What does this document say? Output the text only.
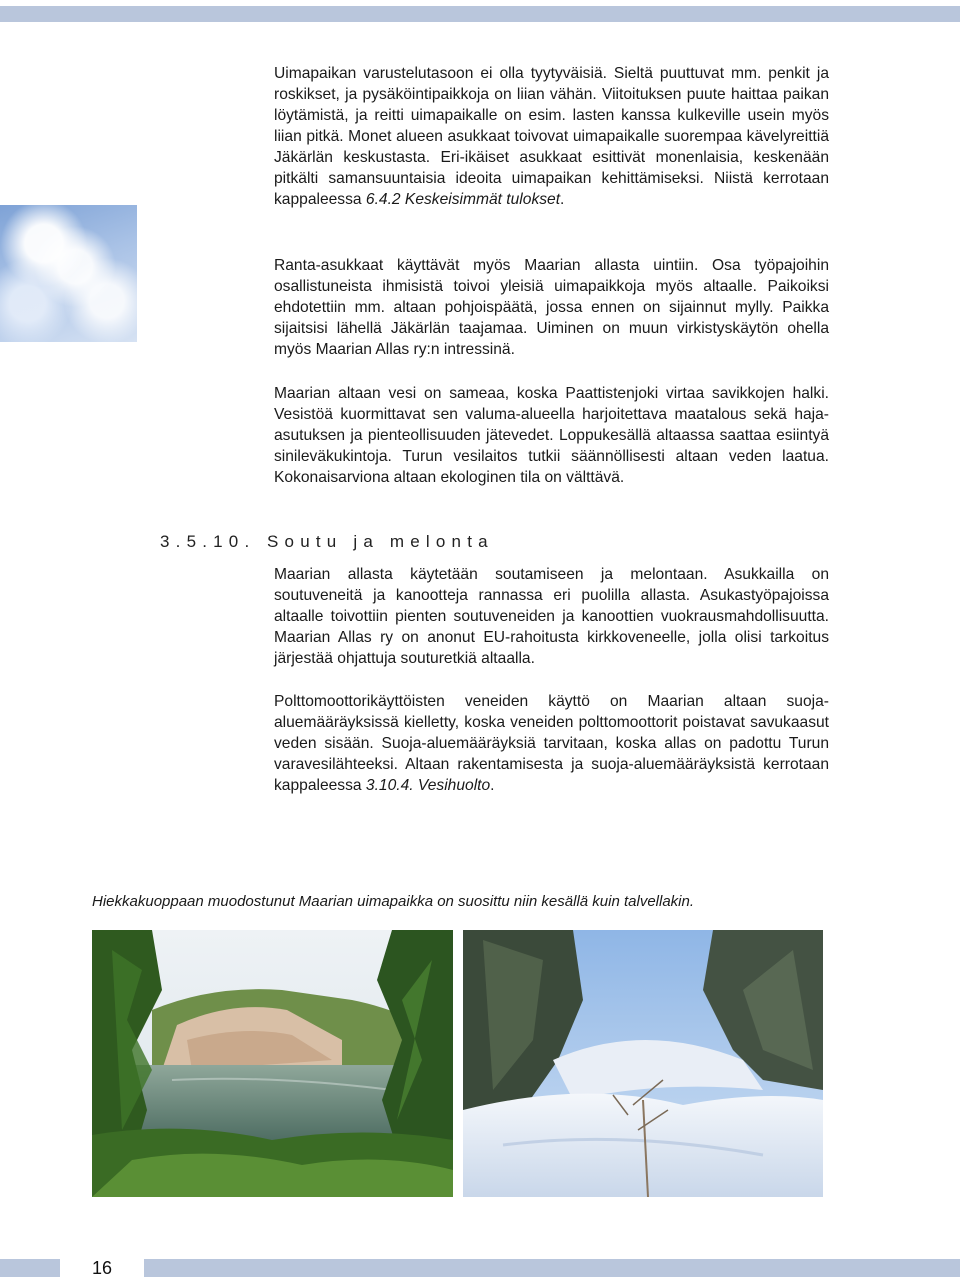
Uimapaikan varustelutasoon ei olla tyytyväisiä. Sieltä puuttuvat mm. penkit ja roskikset, ja pysäköintipaikkoja on liian vähän. Viitoituksen puute haittaa paikan löytämistä, ja reitti uimapaikalle on esim. lasten kanssa kulkeville usein myös liian pitkä. Monet alueen asukkaat toivovat uimapaikalle suorempaa kävelyreittiä Jäkärlän keskustasta. Eri-ikäiset asukkaat esittivät monenlaisia, keskenään pitkälti samansuuntaisia ideoita uimapaikan kehittämiseksi. Niistä kerrotaan kappaleessa 6.4.2 Keskeisimmät tulokset.

Ranta-asukkaat käyttävät myös Maarian allasta uintiin. Osa työpajoihin osallistuneista ihmisistä toivoi yleisiä uimapaikkoja myös altaalle. Paikoiksi ehdotettiin mm. altaan pohjoispäätä, jossa ennen on sijainnut mylly. Paikka sijaitsisi lähellä Jäkärlän taajamaa. Uiminen on muun virkistyskäytön ohella myös Maarian Allas ry:n intressinä.

Maarian altaan vesi on sameaa, koska Paattistenjoki virtaa savikkojen halki. Vesistöä kuormittavat sen valuma-alueella harjoitettava maatalous sekä haja-asutuksen ja pienteollisuuden jätevedet. Loppukesällä altaassa saattaa esiintyä sinileväkukintoja. Turun vesilaitos tutkii säännöllisesti altaan veden laatua. Kokonaisarviona altaan ekologinen tila on välttävä.

3.5.10. Soutu ja melonta

Maarian allasta käytetään soutamiseen ja melontaan. Asukkailla on soutuveneitä ja kanootteja rannassa eri puolilla allasta. Asukastyöpajoissa altaalle toivottiin pienten soutuveneiden ja kanoottien vuokrausmahdollisuutta. Maarian Allas ry on anonut EU-rahoitusta kirkkoveneelle, jolla olisi tarkoitus järjestää ohjattuja souturetkiä altaalla.

Polttomoottorikäyttöisten veneiden käyttö on Maarian altaan suoja-aluemääräyksissä kielletty, koska veneiden polttomoottorit poistavat savukaasut veden sisään. Suoja-aluemääräyksiä tarvitaan, koska allas on padottu Turun varavesilähteeksi. Altaan rakentamisesta ja suoja-aluemääräyksistä kerrotaan kappaleessa 3.10.4. Vesihuolto.

Hiekkakuoppaan muodostunut Maarian uimapaikka on suosittu niin kesällä kuin talvellakin.
16
